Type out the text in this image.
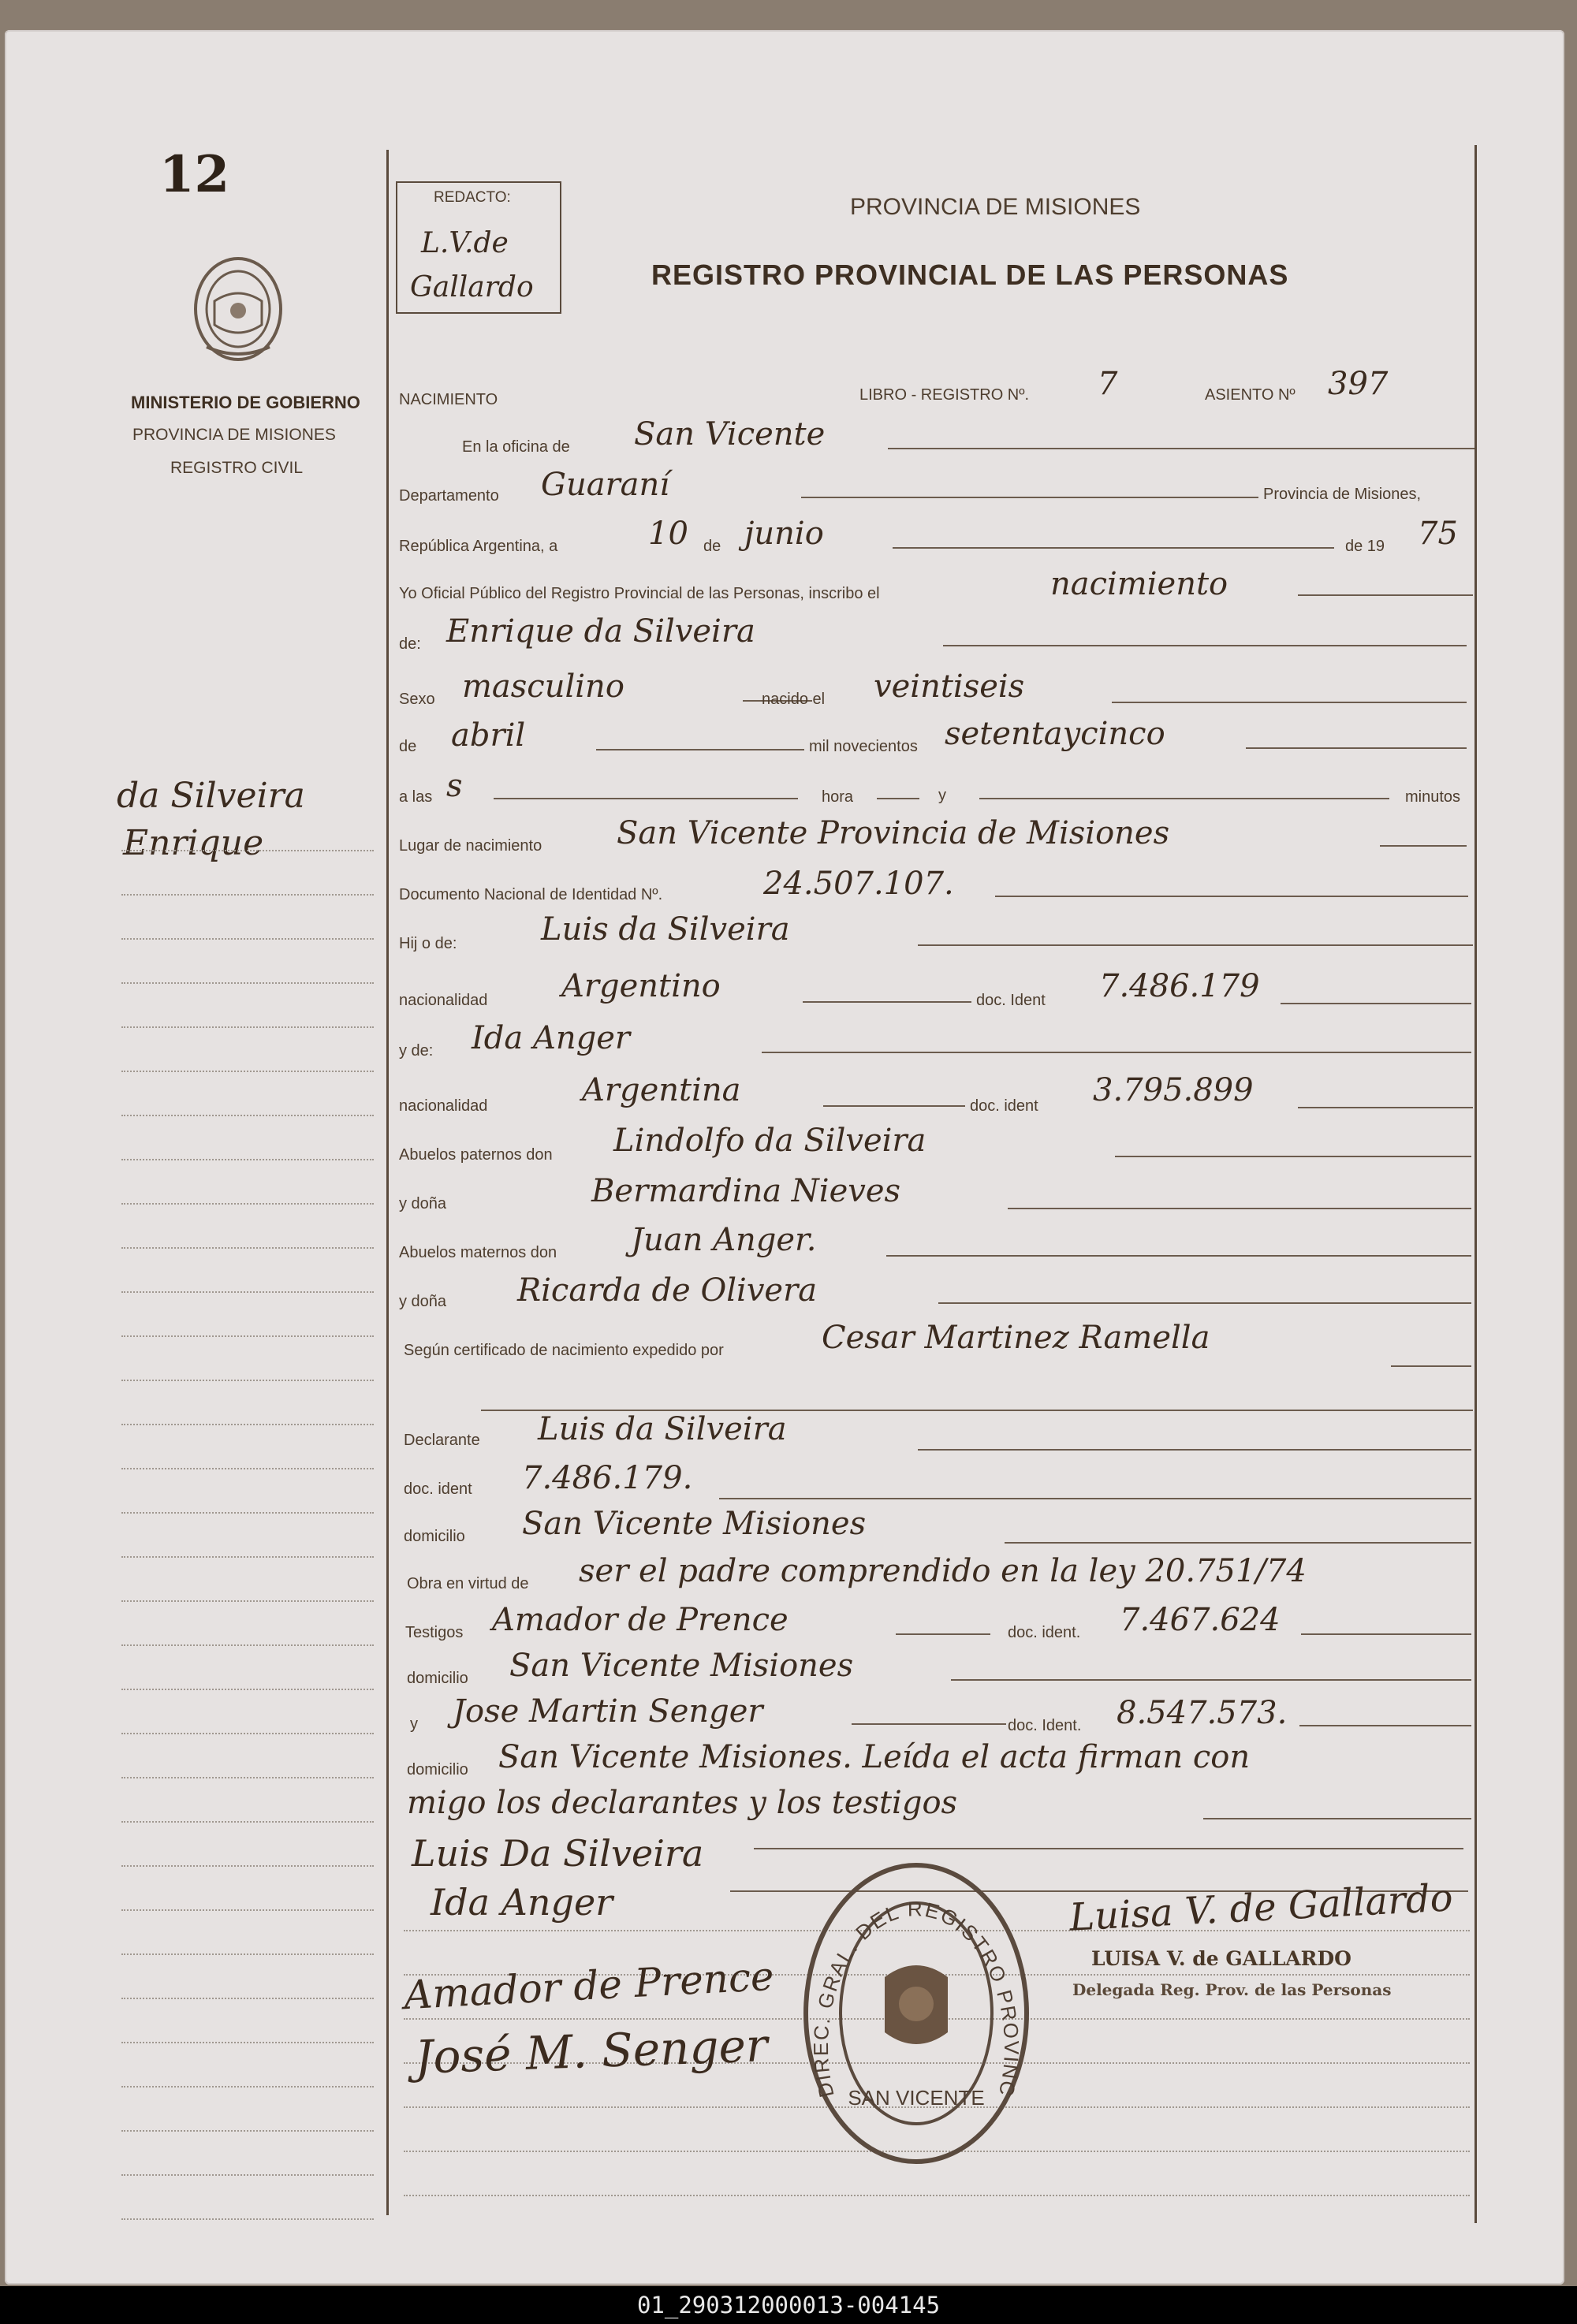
12
MINISTERIO DE GOBIERNO
PROVINCIA DE MISIONES
REGISTRO CIVIL
da Silveira
Enrique
REDACTO:
L.V.de
Gallardo
PROVINCIA DE MISIONES
REGISTRO PROVINCIAL DE LAS PERSONAS
NACIMIENTO	LIBRO - REGISTRO Nº. 7	ASIENTO Nº 397
En la oficina de San Vicente
Departamento Guaraní	Provincia de Misiones,
República Argentina, a	10 de junio	de 19 75
Yo Oficial Público del Registro Provincial de las Personas, inscribo el	nacimiento
de: Enrique da Silveira
Sexo masculino	nacido el veintiseis
de abril	mil novecientos setentaycinco
a las s	hora	y	minutos
Lugar de nacimiento San Vicente Provincia de Misiones
Documento Nacional de Identidad Nº.	24.507.107.
Hij o de:	Luis da Silveira
nacionalidad Argentino	doc. Ident 7.486.179
y de: Ida Anger
nacionalidad	Argentina	doc. ident 3.795.899
Abuelos paternos don Lindolfo da Silveira
y doña	Bermardina Nieves
Abuelos maternos don Juan Anger.
y doña Ricarda de Olivera
Según certificado de nacimiento expedido por	Cesar Martinez Ramella
Declarante Luis da Silveira
doc. ident 7.486.179.
domicilio San Vicente Misiones
Obra en virtud de ser el padre comprendido en la ley 20.751/74
Testigos Amador de Prence	doc. ident. 7.467.624
domicilio San Vicente Misiones
y Jose Martin Senger	doc. Ident. 8.547.573.
domicilio San Vicente Misiones. Leída el acta firman con
migo los declarantes y los testigos
Luis Da Silveira
Ida Anger
Amador de Prence
José M. Senger
Luisa V. de Gallardo
LUISA V. de GALLARDO
Delegada Reg. Prov. de las Personas
DIREC. GRAL. DEL REGISTRO PROVINC
SAN VICENTE
01_290312000013-004145
